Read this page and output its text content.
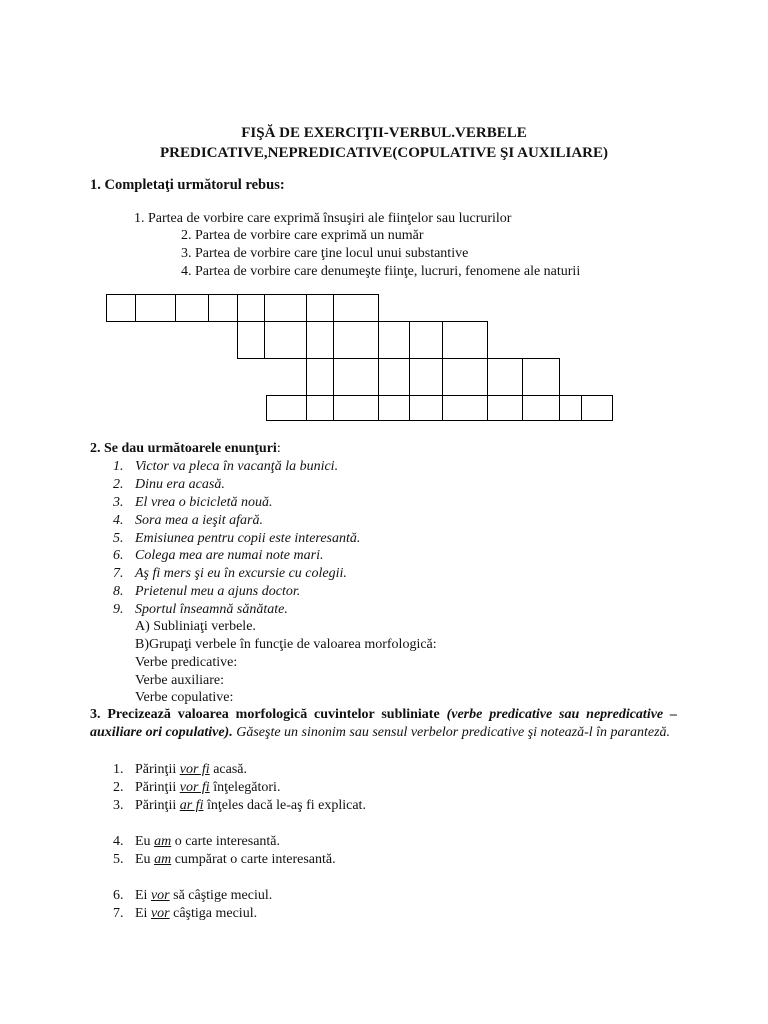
FIŞĂ DE EXERCIŢII-VERBUL.VERBELE
PREDICATIVE,NEPREDICATIVE(COPULATIVE ŞI AUXILIARE)
1. Completaţi următorul rebus:
1. Partea de vorbire care exprimă însuşiri ale fiinţelor sau lucrurilor
2. Partea de vorbire care exprimă un număr
3. Partea de vorbire care ţine locul unui substantive
4. Partea de vorbire care denumeşte fiinţe, lucruri, fenomene ale naturii
2. Se dau următoarele enunţuri:
1. Victor va pleca în vacanţă la bunici.
2. Dinu era acasă.
3. El vrea o bicicletă nouă.
4. Sora mea a ieşit afară.
5. Emisiunea pentru copii este interesantă.
6. Colega mea are numai note mari.
7. Aş fi mers şi eu în excursie cu colegii.
8. Prietenul meu a ajuns doctor.
9. Sportul înseamnă sănătate.
A) Subliniaţi verbele.
B)Grupaţi verbele în funcţie de valoarea morfologică:
Verbe predicative:
Verbe auxiliare:
Verbe copulative:
3. Precizează valoarea morfologică cuvintelor subliniate (verbe predicative sau nepredicative – auxiliare ori copulative). Găseşte un sinonim sau sensul verbelor predicative şi notează-l în paranteză.
1. Părinţii vor fi acasă.
2. Părinţii vor fi înţelegători.
3. Părinţii ar fi înţeles dacă le-aş fi explicat.
4. Eu am o carte interesantă.
5. Eu am cumpărat o carte interesantă.
6. Ei vor să câştige meciul.
7. Ei vor câştiga meciul.
